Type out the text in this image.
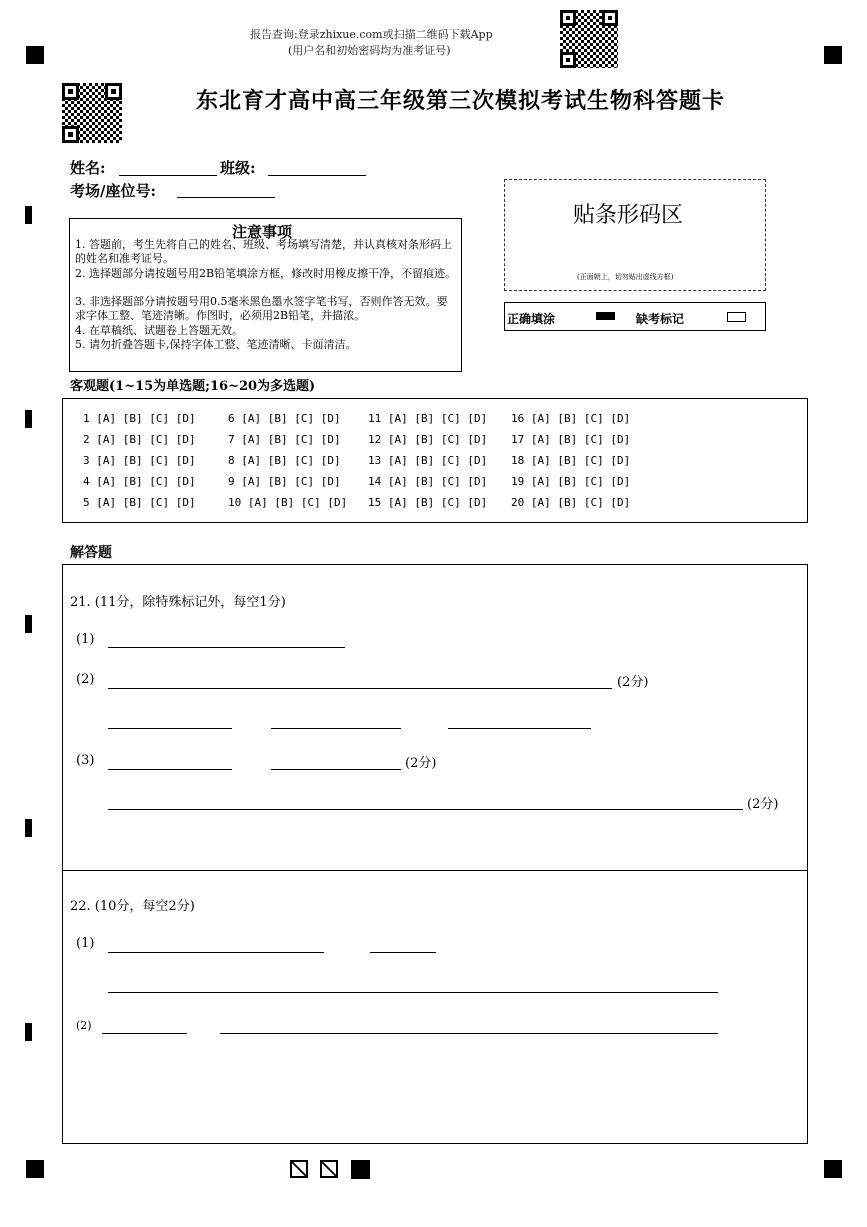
报告查询:登录zhixue.com或扫描二维码下载App
(用户名和初始密码均为准考证号)
东北育才高中高三年级第三次模拟考试生物科答题卡
姓名:	班级:
考场/座位号:
贴条形码区
(正面朝上，切勿贴出虚线方框)
正确填涂	缺考标记
注意事项
1. 答题前，考生先将自己的姓名、班级、考场填写清楚，并认真核对条形码上的姓名和准考证号。
2. 选择题部分请按题号用2B铅笔填涂方框，修改时用橡皮擦干净，不留痕迹。
3. 非选择题部分请按题号用0.5毫米黑色墨水签字笔书写，否则作答无效。要求字体工整、笔迹清晰。作图时，必须用2B铅笔，并描浓。
4. 在草稿纸、试题卷上答题无效。
5. 请勿折叠答题卡,保持字体工整、笔迹清晰、卡面清洁。
客观题(1~15为单选题;16~20为多选题)
1 [A] [B] [C] [D]
2 [A] [B] [C] [D]
3 [A] [B] [C] [D]
4 [A] [B] [C] [D]
5 [A] [B] [C] [D]
6 [A] [B] [C] [D]
7 [A] [B] [C] [D]
8 [A] [B] [C] [D]
9 [A] [B] [C] [D]
10 [A] [B] [C] [D]
11 [A] [B] [C] [D]
12 [A] [B] [C] [D]
13 [A] [B] [C] [D]
14 [A] [B] [C] [D]
15 [A] [B] [C] [D]
16 [A] [B] [C] [D]
17 [A] [B] [C] [D]
18 [A] [B] [C] [D]
19 [A] [B] [C] [D]
20 [A] [B] [C] [D]
解答题
21. (11分，除特殊标记外，每空1分)
(1)
(2)	(2分)
(3)	(2分)
(2分)
22. (10分，每空2分)
(1)
(2)
